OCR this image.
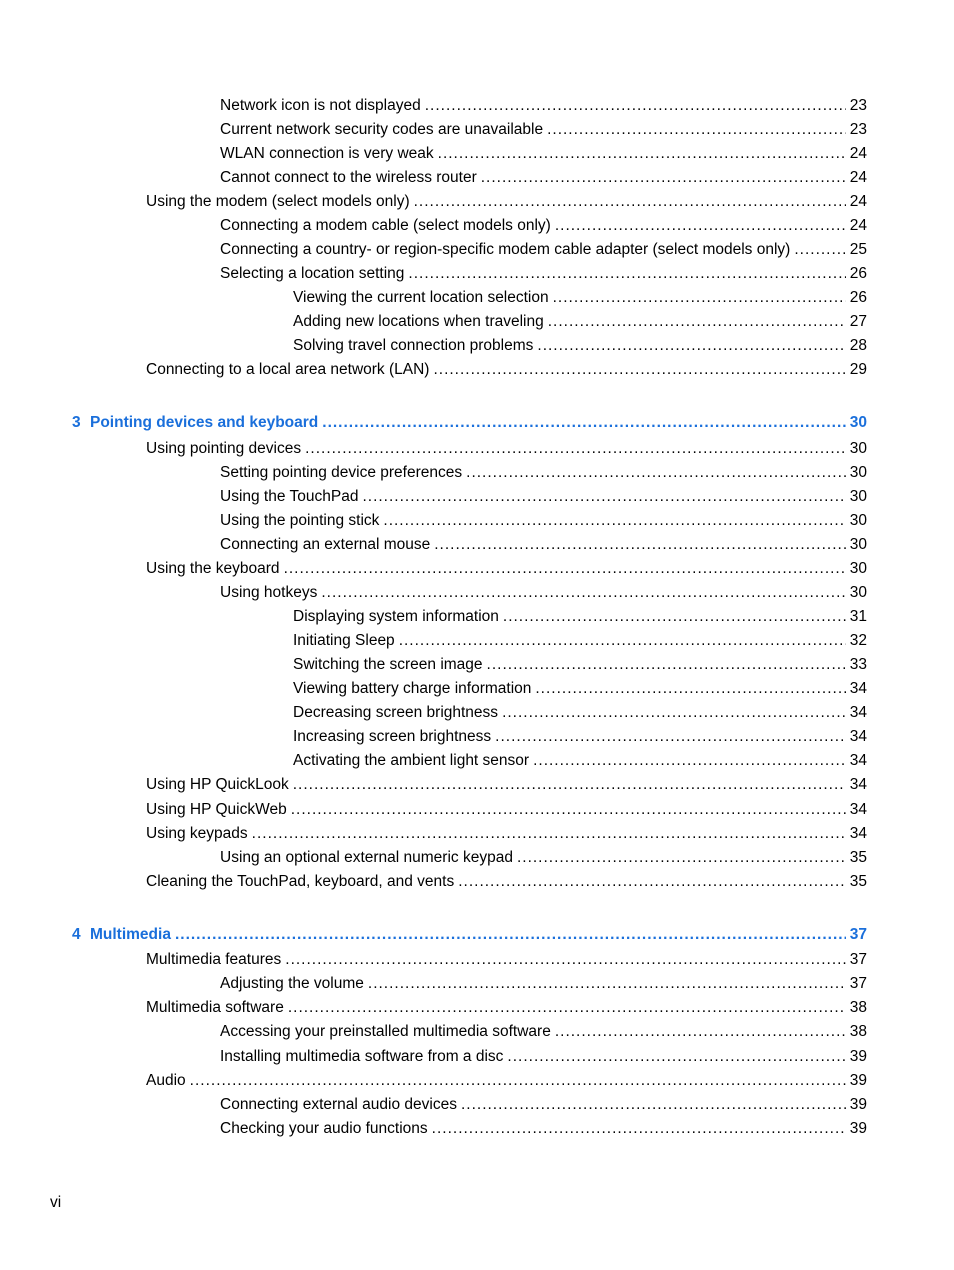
Network icon is not displayed .....	23
Current network security codes are unavailable .....	23
WLAN connection is very weak .....	24
Cannot connect to the wireless router .....	24
Using the modem (select models only) .....	24
Connecting a modem cable (select models only) .....	24
Connecting a country- or region-specific modem cable adapter (select models only) .....	25
Selecting a location setting .....	26
Viewing the current location selection .....	26
Adding new locations when traveling .....	27
Solving travel connection problems .....	28
Connecting to a local area network (LAN) .....	29
3 Pointing devices and keyboard .....	30
Using pointing devices .....	30
Setting pointing device preferences .....	30
Using the TouchPad .....	30
Using the pointing stick .....	30
Connecting an external mouse .....	30
Using the keyboard .....	30
Using hotkeys .....	30
Displaying system information .....	31
Initiating Sleep .....	32
Switching the screen image .....	33
Viewing battery charge information .....	34
Decreasing screen brightness .....	34
Increasing screen brightness .....	34
Activating the ambient light sensor .....	34
Using HP QuickLook .....	34
Using HP QuickWeb .....	34
Using keypads .....	34
Using an optional external numeric keypad .....	35
Cleaning the TouchPad, keyboard, and vents .....	35
4 Multimedia .....	37
Multimedia features .....	37
Adjusting the volume .....	37
Multimedia software .....	38
Accessing your preinstalled multimedia software .....	38
Installing multimedia software from a disc .....	39
Audio .....	39
Connecting external audio devices .....	39
Checking your audio functions .....	39
vi
